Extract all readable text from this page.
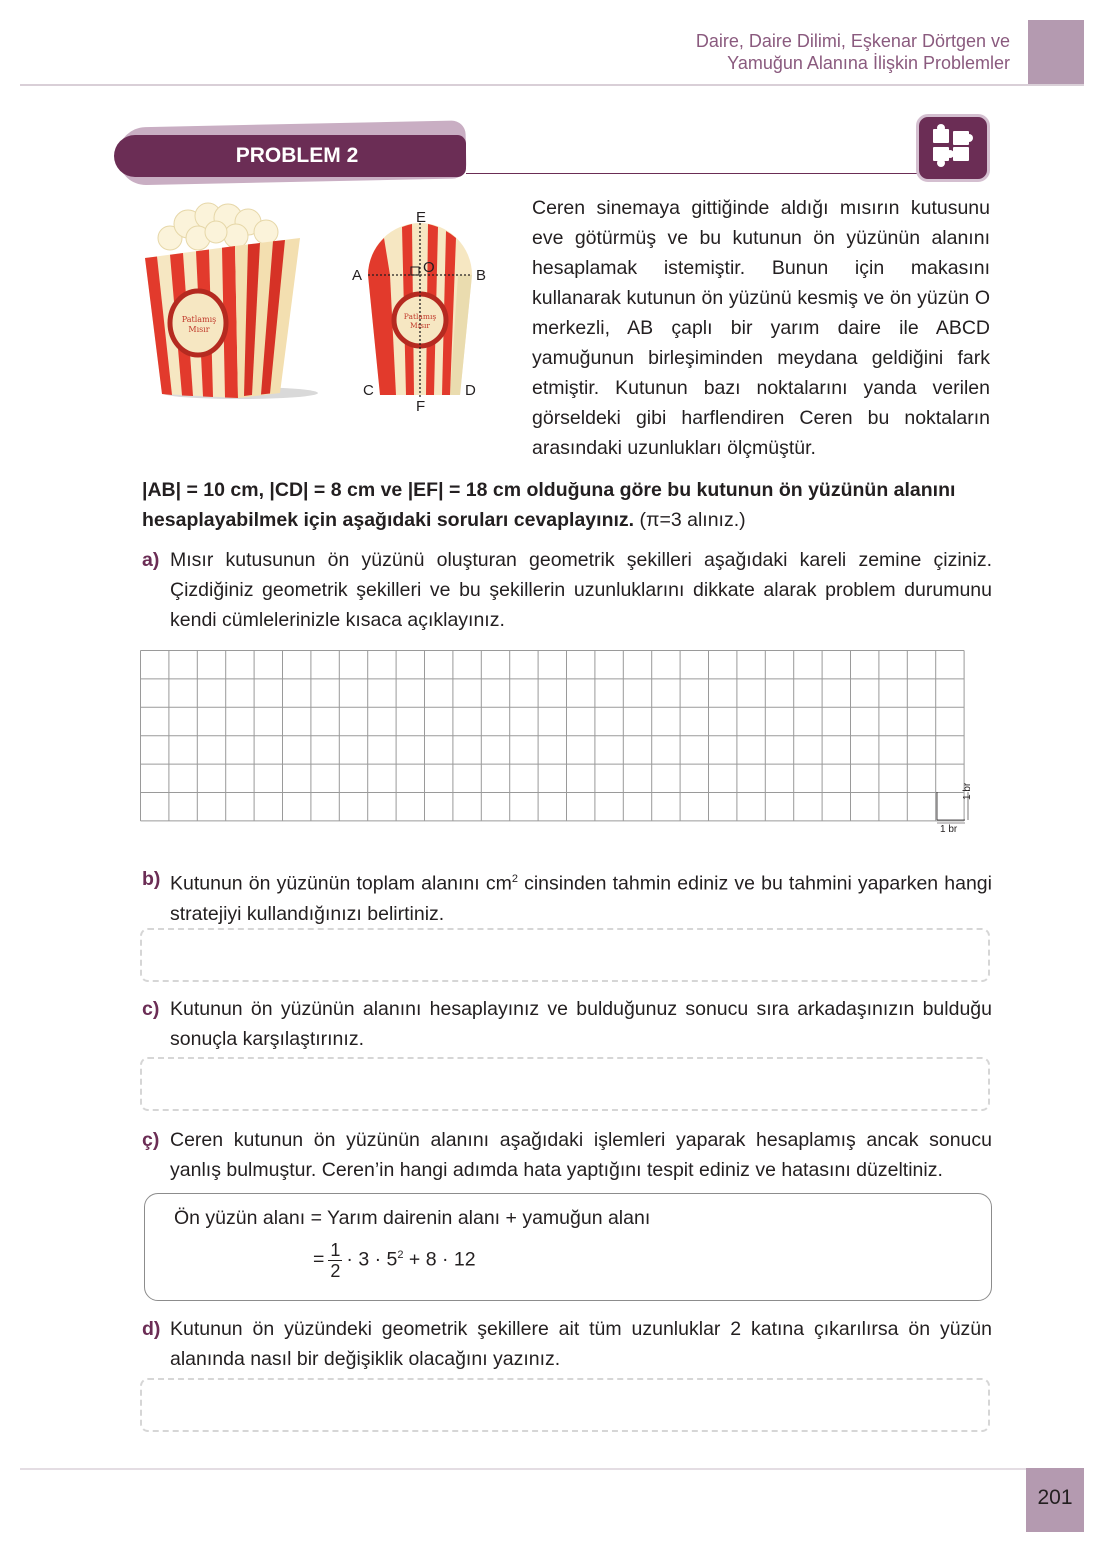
Daire, Daire Dilimi, Eşkenar Dörtgen ve
Yamuğun Alanına İlişkin Problemler
PROBLEM 2
Patlamış
Mısır
E
A	O	B
C	D
F
Patlamış
Mısır
Ceren sinemaya gittiğinde aldığı mısırın kutusunu eve götürmüş ve bu kutunun ön yüzünün alanını hesaplamak istemiştir. Bunun için makasını kullanarak kutunun ön yüzünü kesmiş ve ön yüzün O merkezli, AB çaplı bir yarım daire ile ABCD yamuğunun birleşiminden meydana geldiğini fark etmiştir. Kutunun bazı noktalarını yanda verilen görseldeki gibi harflendiren Ceren bu noktaların arasındaki uzunlukları ölçmüştür.
|AB| = 10 cm, |CD| = 8 cm ve |EF| = 18 cm olduğuna göre bu kutunun ön yüzünün alanını hesaplayabilmek için aşağıdaki soruları cevaplayınız. (π=3 alınız.)
a) Mısır kutusunun ön yüzünü oluşturan geometrik şekilleri aşağıdaki kareli zemine çiziniz. Çizdiğiniz geometrik şekilleri ve bu şekillerin uzunluklarını dikkate alarak problem durumunu kendi cümlelerinizle kısaca açıklayınız.
1 br
1 br
b) Kutunun ön yüzünün toplam alanını $cm^2$ cinsinden tahmin ediniz ve bu tahmini yaparken hangi stratejiyi kullandığınızı belirtiniz.
c) Kutunun ön yüzünün alanını hesaplayınız ve bulduğunuz sonucu sıra arkadaşınızın bulduğu sonuçla karşılaştırınız.
ç) Ceren kutunun ön yüzünün alanını aşağıdaki işlemleri yaparak hesaplamış ancak sonucu yanlış bulmuştur. Ceren’in hangi adımda hata yaptığını tespit ediniz ve hatasını düzeltiniz.
Ön yüzün alanı = Yarım dairenin alanı + yamuğun alanı
= $\frac{1}{2} \cdot 3 \cdot 5^2 + 8 \cdot 12$
d) Kutunun ön yüzündeki geometrik şekillere ait tüm uzunluklar 2 katına çıkarılırsa ön yüzün alanında nasıl bir değişiklik olacağını yazınız.
201
